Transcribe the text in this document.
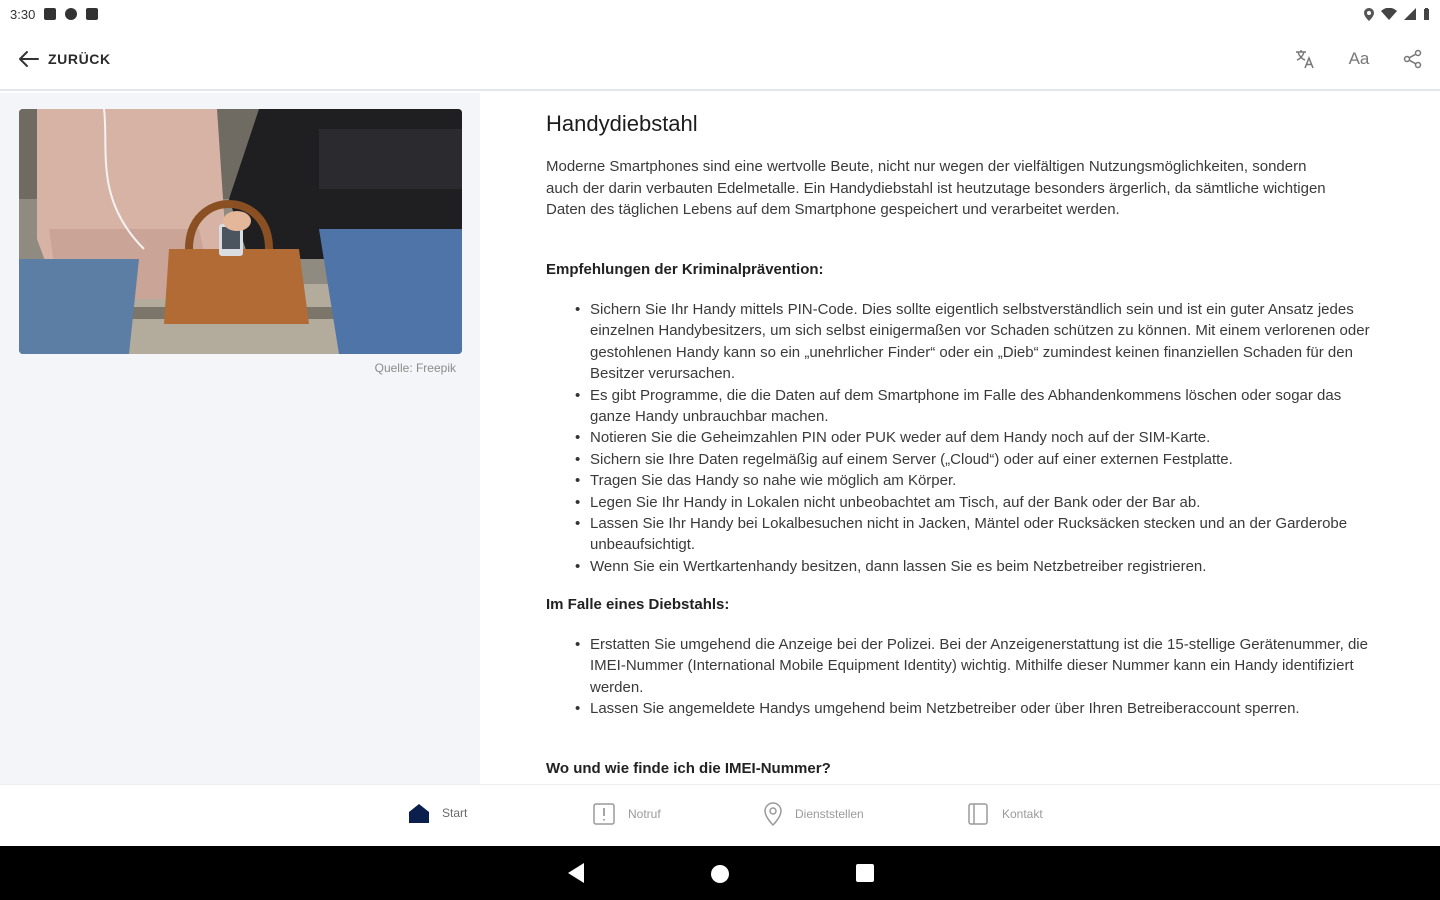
3:30
ZURÜCK	Aa
Quelle: Freepik
Handydiebstahl

Moderne Smartphones sind eine wertvolle Beute, nicht nur wegen der vielfältigen Nutzungsmöglichkeiten, sondern auch der darin verbauten Edelmetalle. Ein Handydiebstahl ist heutzutage besonders ärgerlich, da sämtliche wichtigen Daten des täglichen Lebens auf dem Smartphone gespeichert und verarbeitet werden.

Empfehlungen der Kriminalprävention:
• Sichern Sie Ihr Handy mittels PIN-Code. Dies sollte eigentlich selbstverständlich sein und ist ein guter Ansatz jedes einzelnen Handybesitzers, um sich selbst einigermaßen vor Schaden schützen zu können. Mit einem verlorenen oder gestohlenen Handy kann so ein „unehrlicher Finder“ oder ein „Dieb“ zumindest keinen finanziellen Schaden für den Besitzer verursachen.
• Es gibt Programme, die die Daten auf dem Smartphone im Falle des Abhandenkommens löschen oder sogar das ganze Handy unbrauchbar machen.
• Notieren Sie die Geheimzahlen PIN oder PUK weder auf dem Handy noch auf der SIM-Karte.
• Sichern sie Ihre Daten regelmäßig auf einem Server („Cloud“) oder auf einer externen Festplatte.
• Tragen Sie das Handy so nahe wie möglich am Körper.
• Legen Sie Ihr Handy in Lokalen nicht unbeobachtet am Tisch, auf der Bank oder der Bar ab.
• Lassen Sie Ihr Handy bei Lokalbesuchen nicht in Jacken, Mäntel oder Rucksäcken stecken und an der Garderobe unbeaufsichtigt.
• Wenn Sie ein Wertkartenhandy besitzen, dann lassen Sie es beim Netzbetreiber registrieren.
Im Falle eines Diebstahls:
• Erstatten Sie umgehend die Anzeige bei der Polizei. Bei der Anzeigenerstattung ist die 15-stellige Gerätenummer, die IMEI-Nummer (International Mobile Equipment Identity) wichtig. Mithilfe dieser Nummer kann ein Handy identifiziert werden.
• Lassen Sie angemeldete Handys umgehend beim Netzbetreiber oder über Ihren Betreiberaccount sperren.
Wo und wie finde ich die IMEI-Nummer?
Start	Notruf	Dienststellen	Kontakt
